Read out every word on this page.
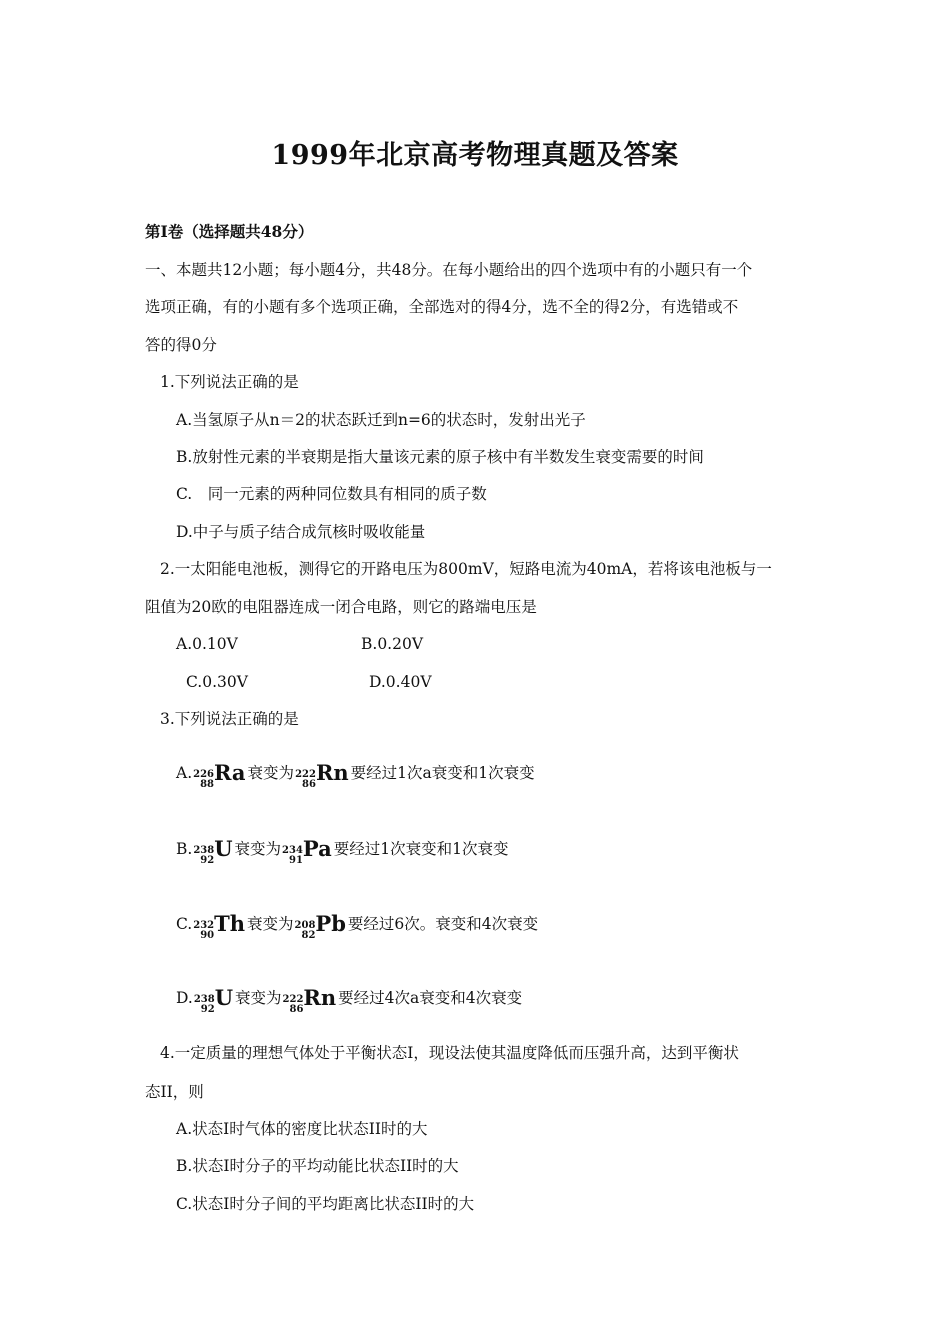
1999年北京高考物理真题及答案
第Ⅰ卷（选择题共48分）
一、本题共12小题；每小题4分，共48分。在每小题给出的四个选项中有的小题只有一个
选项正确，有的小题有多个选项正确，全部选对的得4分，选不全的得2分，有选错或不
答的得0分
1.下列说法正确的是
A.当氢原子从n＝2的状态跃迁到n=6的状态时，发射出光子
B.放射性元素的半衰期是指大量该元素的原子核中有半数发生衰变需要的时间
C.　同一元素的两种同位数具有相同的质子数
D.中子与质子结合成氘核时吸收能量
2.一太阳能电池板，测得它的开路电压为800mV，短路电流为40mA，若将该电池板与一
阻值为20欧的电阻器连成一闭合电路，则它的路端电压是
A.0.10V	B.0.20V
C.0.30V	D.0.40V
3.下列说法正确的是
A. 226
88 Ra 衰变为 222
86 Rn 要经过1次a衰变和1次衰变
B. 238
92 U 衰变为 234
91 Pa 要经过1次衰变和1次衰变
C. 232
90 Th 衰变为 208
82 Pb 要经过6次。衰变和4次衰变
D. 238
92 U 衰变为 222
86 Rn 要经过4次a衰变和4次衰变
4.一定质量的理想气体处于平衡状态I，现设法使其温度降低而压强升高，达到平衡状
态II，则
A.状态I时气体的密度比状态II时的大
B.状态I时分子的平均动能比状态II时的大
C.状态I时分子间的平均距离比状态II时的大
